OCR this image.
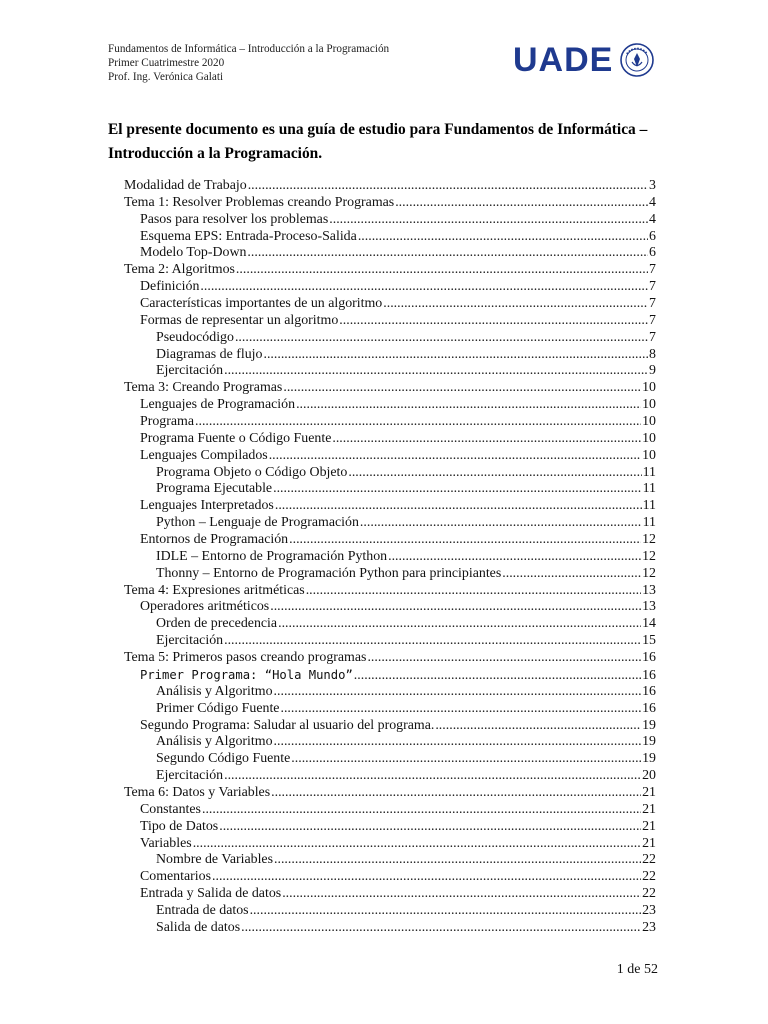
Fundamentos de Informática – Introducción a la Programación
Primer Cuatrimestre 2020
Prof. Ing. Verónica Galati	UADE
El presente documento es una guía de estudio para Fundamentos de Informática – Introducción a la Programación.
Modalidad de Trabajo .....	3
Tema 1: Resolver Problemas creando Programas .....	4
Pasos para resolver los problemas .....	4
Esquema EPS: Entrada-Proceso-Salida .....	6
Modelo Top-Down .....	6
Tema 2: Algoritmos .....	7
Definición .....	7
Características importantes de un algoritmo .....	7
Formas de representar un algoritmo .....	7
Pseudocódigo .....	7
Diagramas de flujo .....	8
Ejercitación .....	9
Tema 3: Creando Programas .....	10
Lenguajes de Programación .....	10
Programa .....	10
Programa Fuente o Código Fuente .....	10
Lenguajes Compilados .....	10
Programa Objeto o Código Objeto .....	11
Programa Ejecutable .....	11
Lenguajes Interpretados .....	11
Python – Lenguaje de Programación .....	11
Entornos de Programación .....	12
IDLE – Entorno de Programación Python .....	12
Thonny – Entorno de Programación Python para principiantes .....	12
Tema 4: Expresiones aritméticas .....	13
Operadores aritméticos .....	13
Orden de precedencia .....	14
Ejercitación .....	15
Tema 5: Primeros pasos creando programas .....	16
Primer Programa: “Hola Mundo” .....	16
Análisis y Algoritmo .....	16
Primer Código Fuente .....	16
Segundo Programa: Saludar al usuario del programa. .....	19
Análisis y Algoritmo .....	19
Segundo Código Fuente .....	19
Ejercitación .....	20
Tema 6: Datos y Variables .....	21
Constantes .....	21
Tipo de Datos .....	21
Variables .....	21
Nombre de Variables .....	22
Comentarios .....	22
Entrada y Salida de datos .....	22
Entrada de datos .....	23
Salida de datos .....	23
1 de 52
